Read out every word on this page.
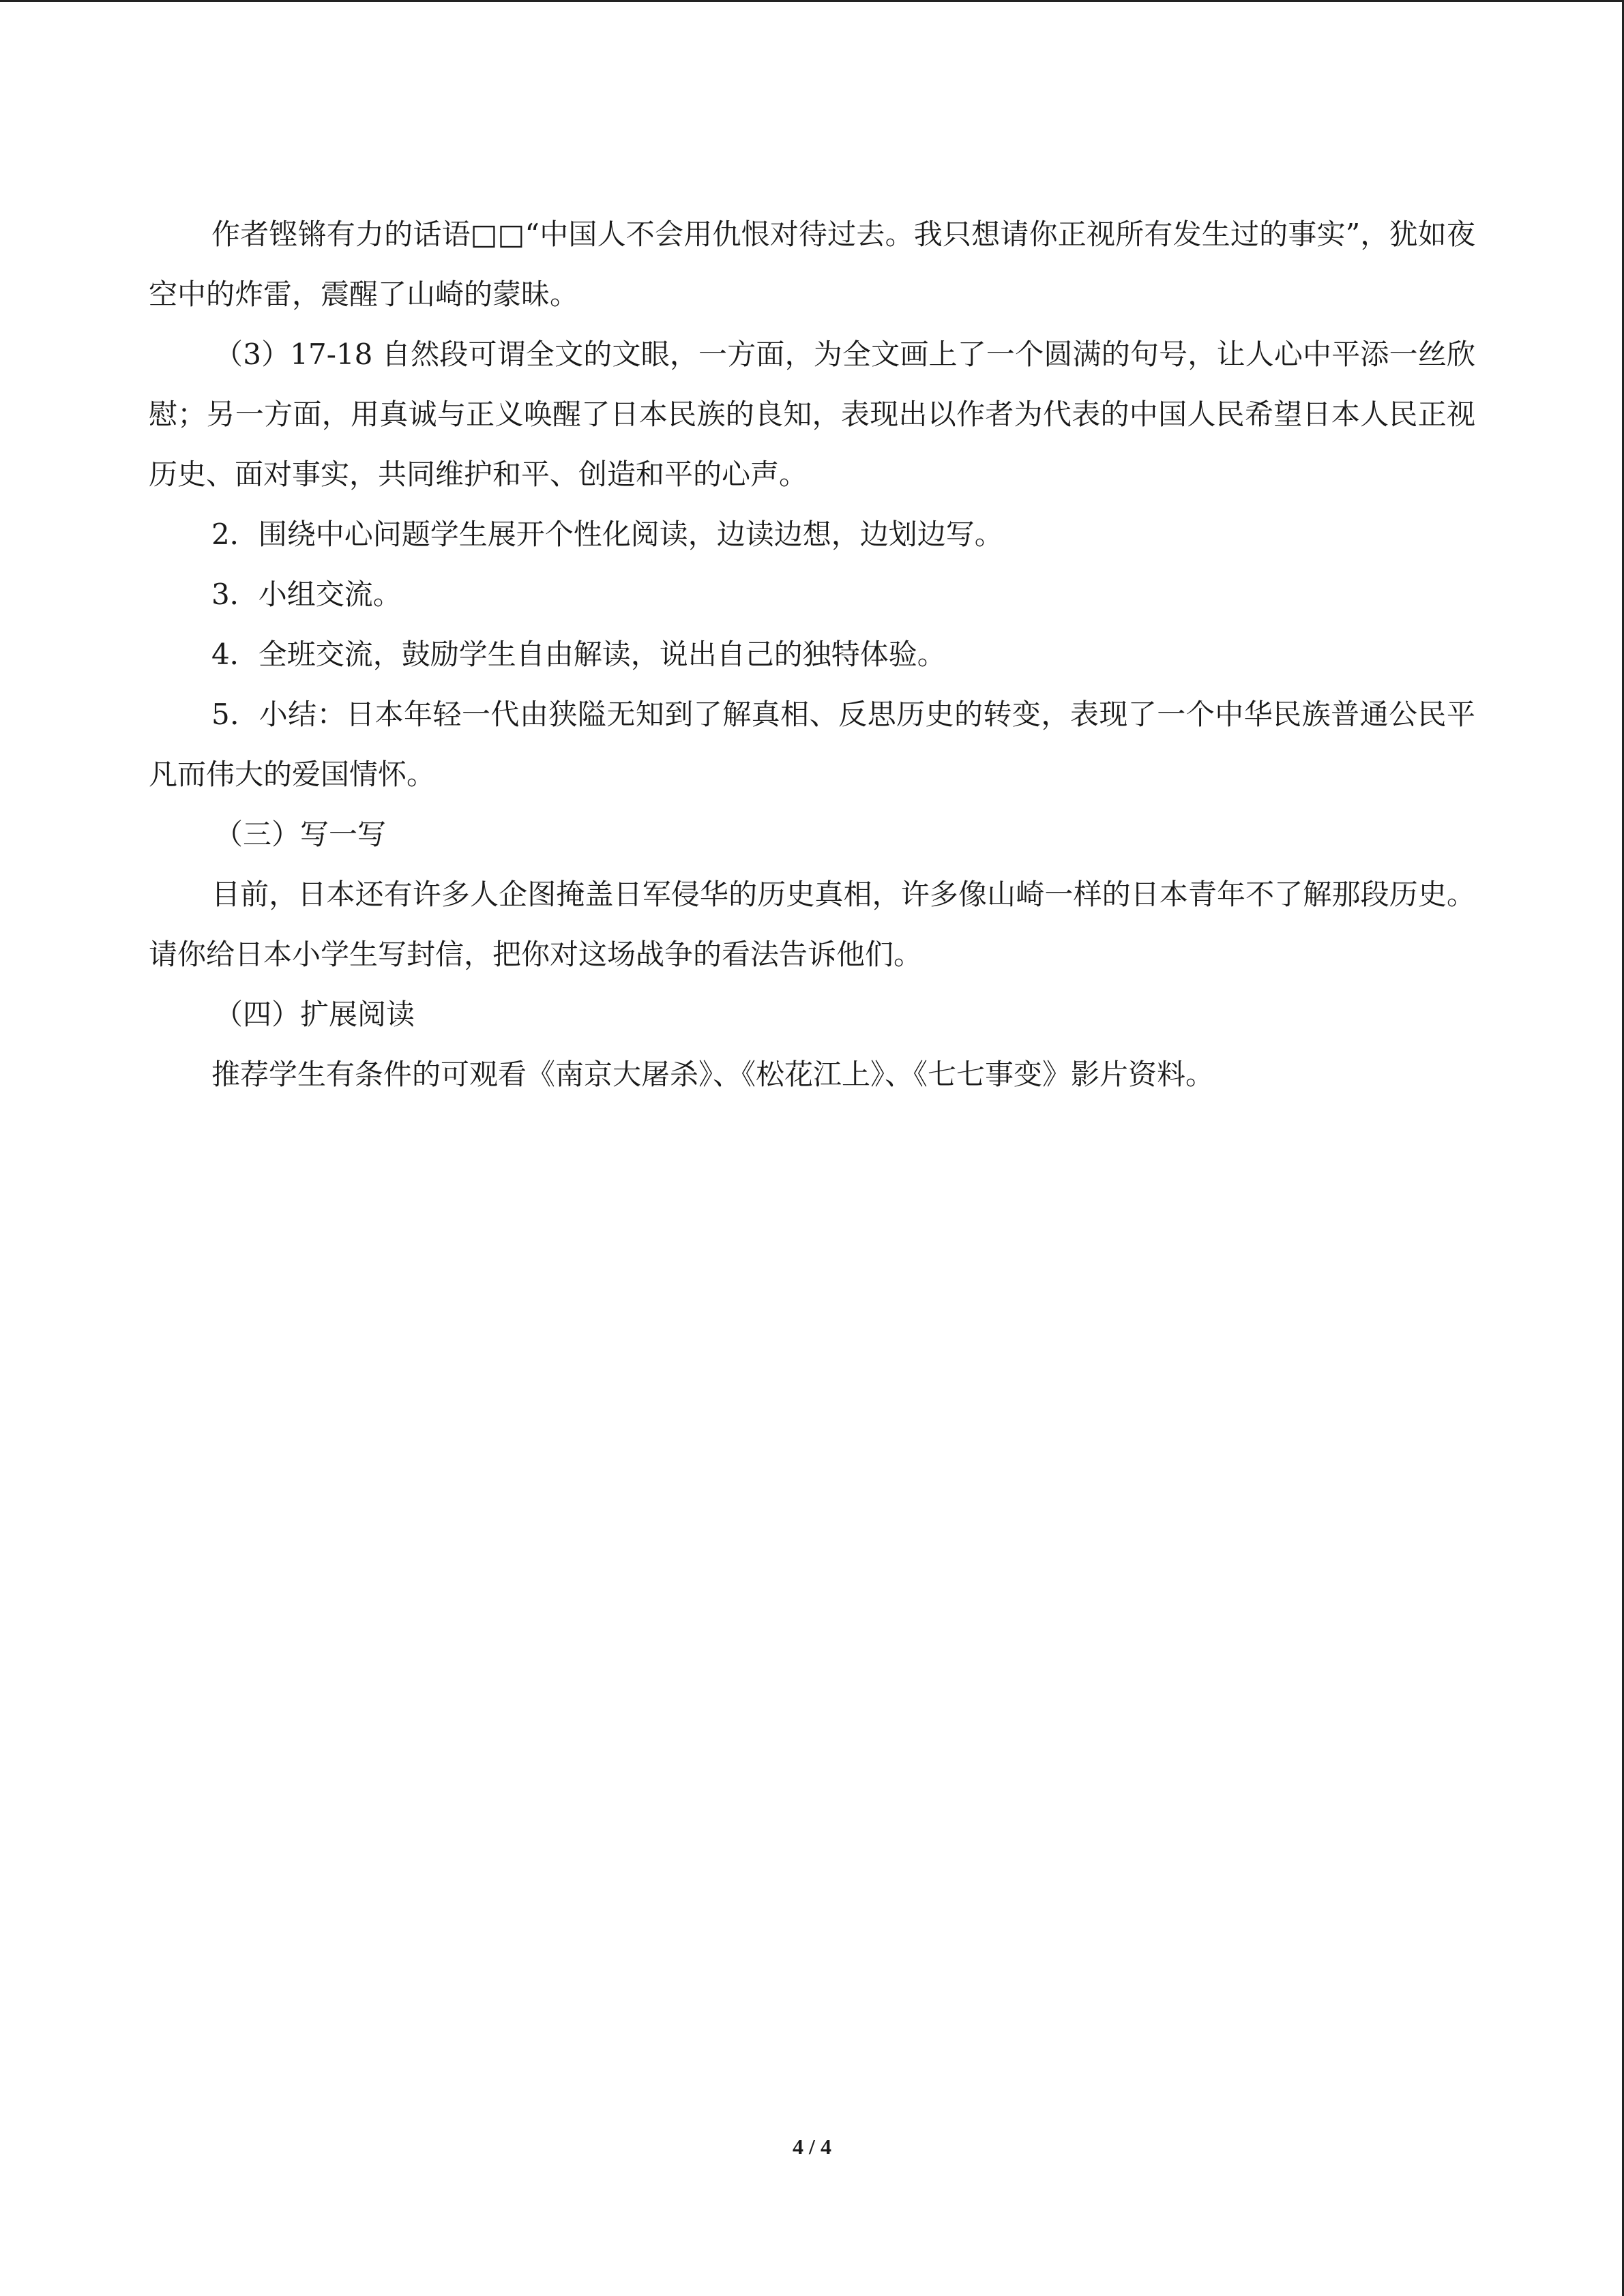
作者铿锵有力的话语□□“中国人不会用仇恨对待过去。我只想请你正视所有发生过的事实”，犹如夜空中的炸雷，震醒了山崎的蒙昧。

（3）17-18 自然段可谓全文的文眼，一方面，为全文画上了一个圆满的句号，让人心中平添一丝欣慰；另一方面，用真诚与正义唤醒了日本民族的良知，表现出以作者为代表的中国人民希望日本人民正视历史、面对事实，共同维护和平、创造和平的心声。

2．围绕中心问题学生展开个性化阅读，边读边想，边划边写。

3．小组交流。

4．全班交流，鼓励学生自由解读，说出自己的独特体验。

5．小结：日本年轻一代由狭隘无知到了解真相、反思历史的转变，表现了一个中华民族普通公民平凡而伟大的爱国情怀。

（三）写一写

目前，日本还有许多人企图掩盖日军侵华的历史真相，许多像山崎一样的日本青年不了解那段历史。请你给日本小学生写封信，把你对这场战争的看法告诉他们。

（四）扩展阅读

推荐学生有条件的可观看《南京大屠杀》、《松花江上》、《七七事变》影片资料。

4 / 4
